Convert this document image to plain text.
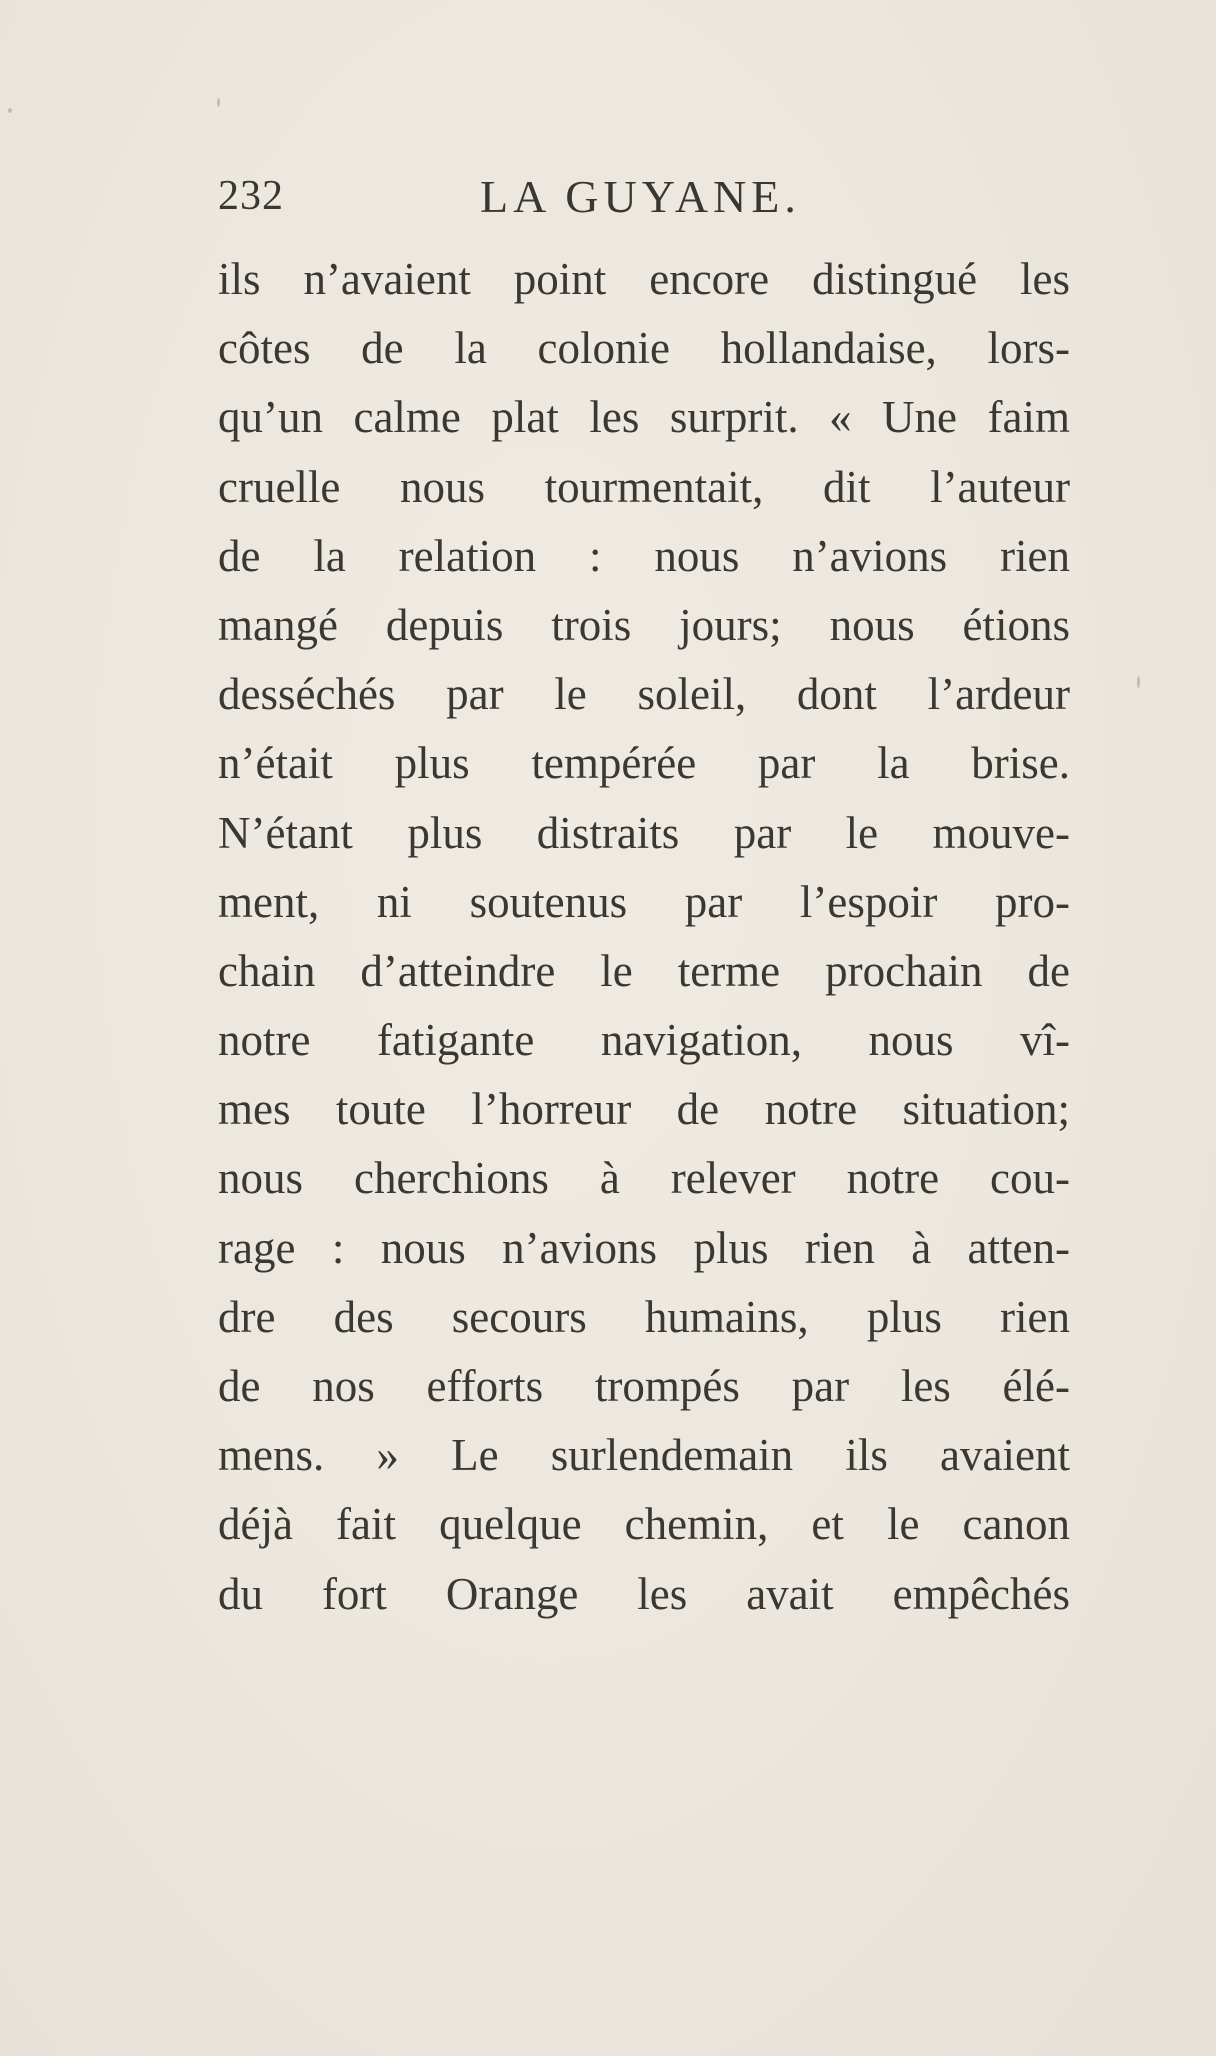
232	LA GUYANE.
ils n’avaient point encore distingué les
côtes de la colonie hollandaise, lors-
qu’un calme plat les surprit. « Une faim
cruelle nous tourmentait, dit l’auteur
de la relation : nous n’avions rien
mangé depuis trois jours; nous étions
desséchés par le soleil, dont l’ardeur
n’était plus tempérée par la brise.
N’étant plus distraits par le mouve-
ment, ni soutenus par l’espoir pro-
chain d’atteindre le terme prochain de
notre fatigante navigation, nous vî-
mes toute l’horreur de notre situation;
nous cherchions à relever notre cou-
rage : nous n’avions plus rien à atten-
dre des secours humains, plus rien
de nos efforts trompés par les élé-
mens. » Le surlendemain ils avaient
déjà fait quelque chemin, et le canon
du fort Orange les avait empêchés
